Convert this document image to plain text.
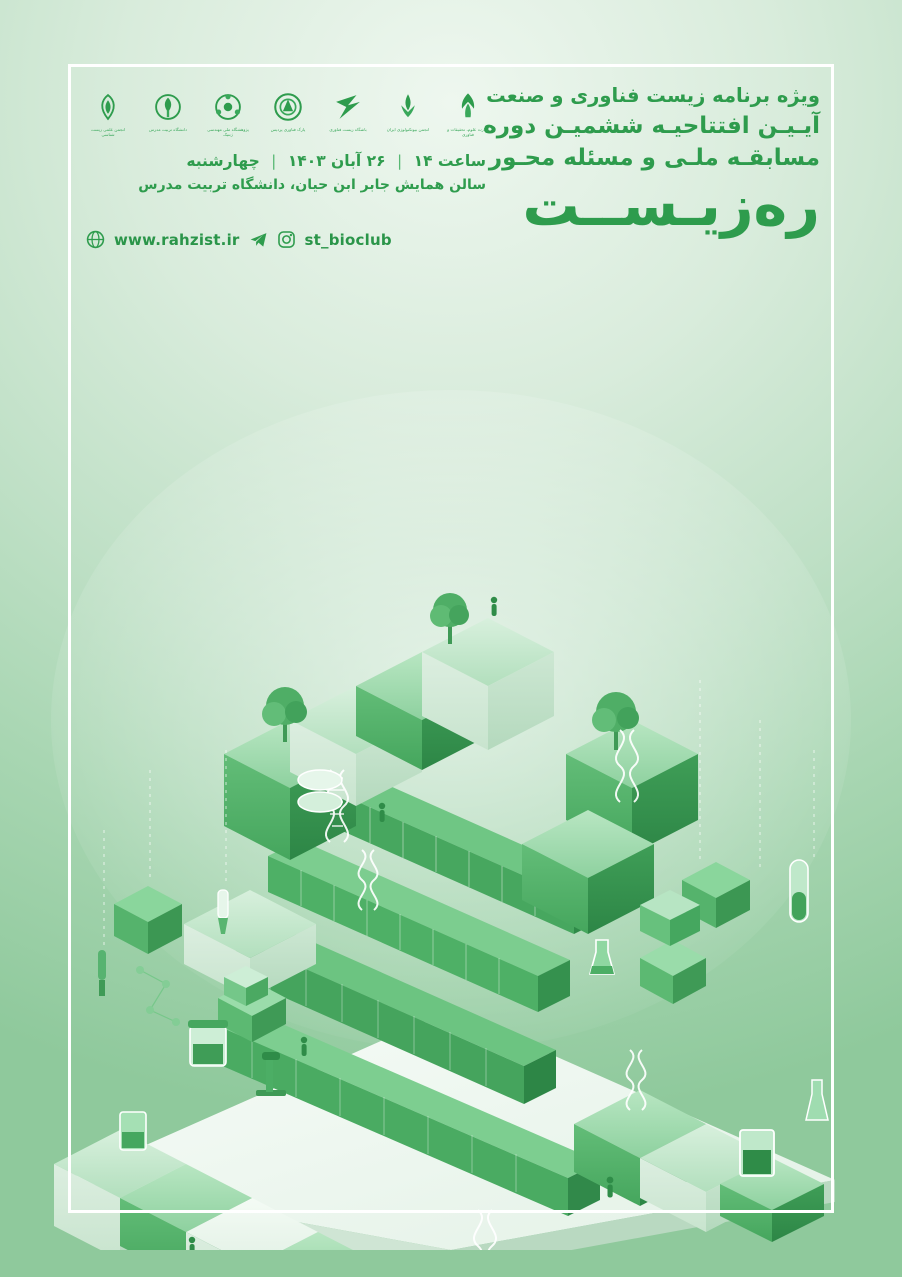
ویژه برنامه زیست فناوری و صنعت
آیـیـن افتتاحیـه ششمیـن دوره
مسابقـه ملـی و مسئله محـور
ره‌زیـســت
وزارت علوم، تحقیقات و فناوری
انجمن بیوتکنولوژی ایران
باشگاه زیست فناوری
پارک فناوری پردیس
پژوهشگاه ملی مهندسی ژنتیک
دانشگاه تربیت مدرس
انجمن علمی زیست شناسی
ساعت ۱۴ | ۲۶ آبان ۱۴۰۳ | چهارشنبه
سالن همایش جابر ابن حیان، دانشگاه تربیت مدرس
www.rahzist.ir	st_bioclub
